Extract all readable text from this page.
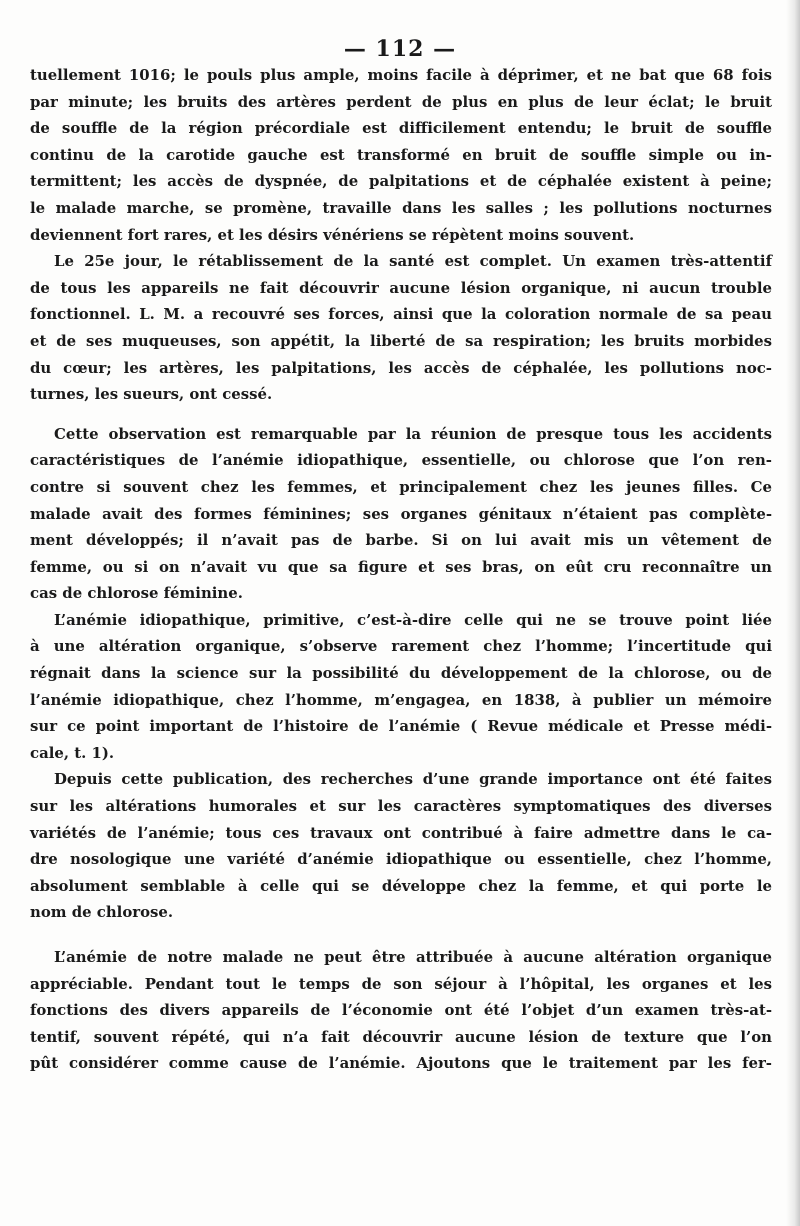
— 112 —

tuellement 1016; le pouls plus ample, moins facile à déprimer, et ne bat que 68 fois
par minute; les bruits des artères perdent de plus en plus de leur éclat; le bruit
de souffle de la région précordiale est difficilement entendu; le bruit de souffle
continu de la carotide gauche est transformé en bruit de souffle simple ou in-
termittent; les accès de dyspnée, de palpitations et de céphalée existent à peine;
le malade marche, se promène, travaille dans les salles ; les pollutions nocturnes
deviennent fort rares, et les désirs vénériens se répètent moins souvent.

Le 25e jour, le rétablissement de la santé est complet. Un examen très-attentif
de tous les appareils ne fait découvrir aucune lésion organique, ni aucun trouble
fonctionnel. L. M. a recouvré ses forces, ainsi que la coloration normale de sa peau
et de ses muqueuses, son appétit, la liberté de sa respiration; les bruits morbides
du cœur; les artères, les palpitations, les accès de céphalée, les pollutions noc-
turnes, les sueurs, ont cessé.

Cette observation est remarquable par la réunion de presque tous les accidents
caractéristiques de l’anémie idiopathique, essentielle, ou chlorose que l’on ren-
contre si souvent chez les femmes, et principalement chez les jeunes filles. Ce
malade avait des formes féminines; ses organes génitaux n’étaient pas complète-
ment développés; il n’avait pas de barbe. Si on lui avait mis un vêtement de
femme, ou si on n’avait vu que sa figure et ses bras, on eût cru reconnaître un
cas de chlorose féminine.

L’anémie idiopathique, primitive, c’est-à-dire celle qui ne se trouve point liée
à une altération organique, s’observe rarement chez l’homme; l’incertitude qui
régnait dans la science sur la possibilité du développement de la chlorose, ou de
l’anémie idiopathique, chez l’homme, m’engagea, en 1838, à publier un mémoire
sur ce point important de l’histoire de l’anémie ( Revue médicale et Presse médi-
cale, t. 1).

Depuis cette publication, des recherches d’une grande importance ont été faites
sur les altérations humorales et sur les caractères symptomatiques des diverses
variétés de l’anémie; tous ces travaux ont contribué à faire admettre dans le ca-
dre nosologique une variété d’anémie idiopathique ou essentielle, chez l’homme,
absolument semblable à celle qui se développe chez la femme, et qui porte le
nom de chlorose.

L’anémie de notre malade ne peut être attribuée à aucune altération organique
appréciable. Pendant tout le temps de son séjour à l’hôpital, les organes et les
fonctions des divers appareils de l’économie ont été l’objet d’un examen très-at-
tentif, souvent répété, qui n’a fait découvrir aucune lésion de texture que l’on
pût considérer comme cause de l’anémie. Ajoutons que le traitement par les fer-
